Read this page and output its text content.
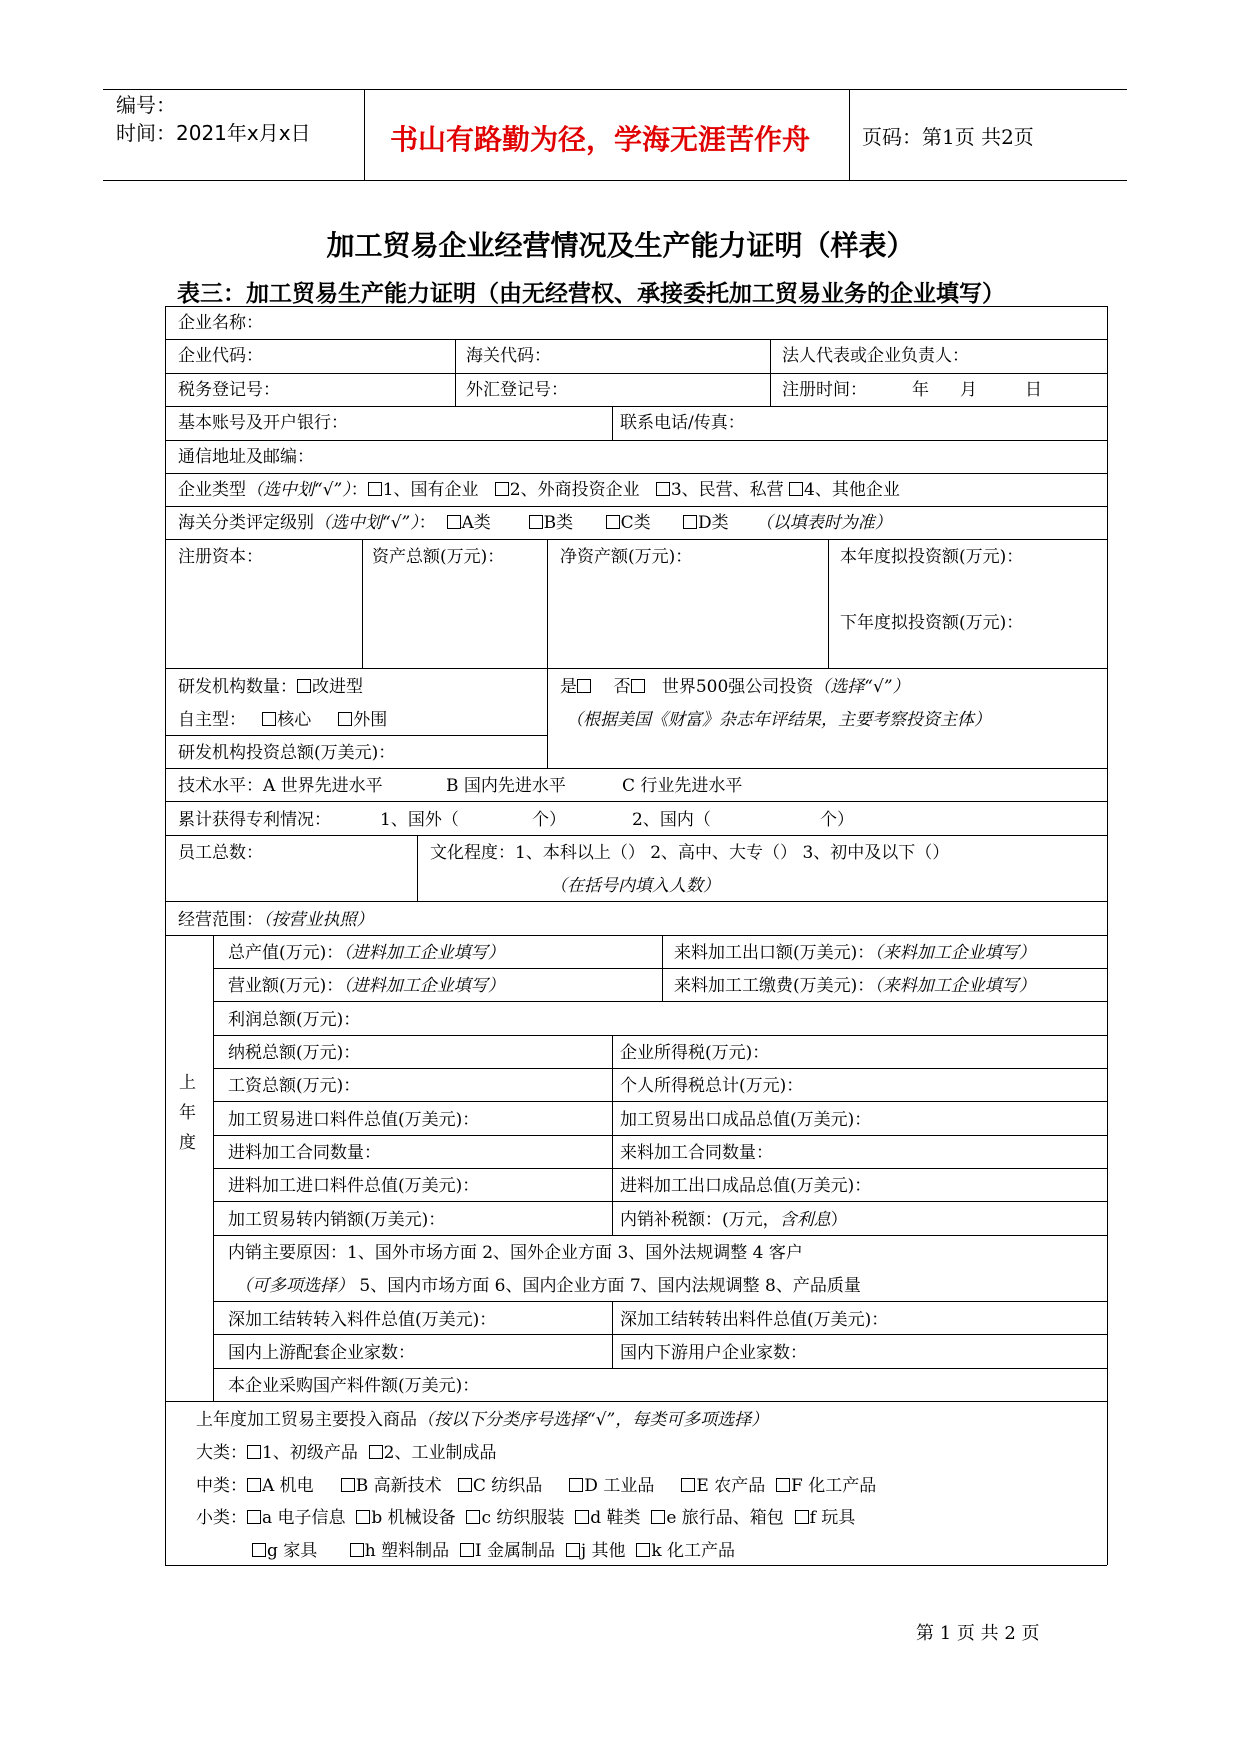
编号：
时间：2021年x月x日	书山有路勤为径，学海无涯苦作舟	页码：第1页 共2页
加工贸易企业经营情况及生产能力证明（样表）
表三：加工贸易生产能力证明（由无经营权、承接委托加工贸易业务的企业填写）
企业名称：
企业代码：	海关代码：	法人代表或企业负责人：
税务登记号：	外汇登记号：	注册时间：	年 月	日
基本账号及开户银行：	联系电话/传真：
通信地址及邮编：
企业类型（选中划“√”）： 1、国有企业 2、外商投资企业 3、民营、私营 4、其他企业
海关分类评定级别（选中划“√”）： A类	B类	C类	D类 （以填表时为准）
注册资本：	资产总额(万元)：	净资产额(万元)：	本年度拟投资额(万元)：
下年度拟投资额(万元)：
研发机构数量： 改进型	是 否 世界500强公司投资（选择“√”）
自主型： 核心 外围	（根据美国《财富》杂志年评结果，主要考察投资主体）
研发机构投资总额(万美元)：
技术水平：A 世界先进水平	B 国内先进水平	C 行业先进水平
累计获得专利情况：	1、国外（	个）	2、国内（	个）
员工总数：	文化程度：1、本科以上（） 2、高中、大专（） 3、初中及以下（）
（在括号内填入人数）
经营范围：（按营业执照）
上
年
度
总产值(万元)：（进料加工企业填写）	来料加工出口额(万美元)：（来料加工企业填写）
营业额(万元)：（进料加工企业填写）	来料加工工缴费(万美元)：（来料加工企业填写）
利润总额(万元)：
纳税总额(万元)：	企业所得税(万元)：
工资总额(万元)：	个人所得税总计(万元)：
加工贸易进口料件总值(万美元)：	加工贸易出口成品总值(万美元)：
进料加工合同数量：	来料加工合同数量：
进料加工进口料件总值(万美元)：	进料加工出口成品总值(万美元)：
加工贸易转内销额(万美元)：	内销补税额：(万元，含利息）
内销主要原因：1、国外市场方面 2、国外企业方面 3、国外法规调整 4 客户
（可多项选择） 5、国内市场方面 6、国内企业方面 7、国内法规调整 8、产品质量
深加工结转转入料件总值(万美元)：	深加工结转转出料件总值(万美元)：
国内上游配套企业家数：	国内下游用户企业家数：
本企业采购国产料件额(万美元)：
上年度加工贸易主要投入商品（按以下分类序号选择“√”，每类可多项选择）
大类： 1、初级产品 2、工业制成品
中类： A 机电 B 高新技术 C 纺织品 D 工业品 E 农产品 F 化工产品
小类： a 电子信息 b 机械设备 c 纺织服装 d 鞋类 e 旅行品、箱包 f 玩具
g 家具	h 塑料制品 I 金属制品 j 其他 k 化工产品
第 1 页 共 2 页
